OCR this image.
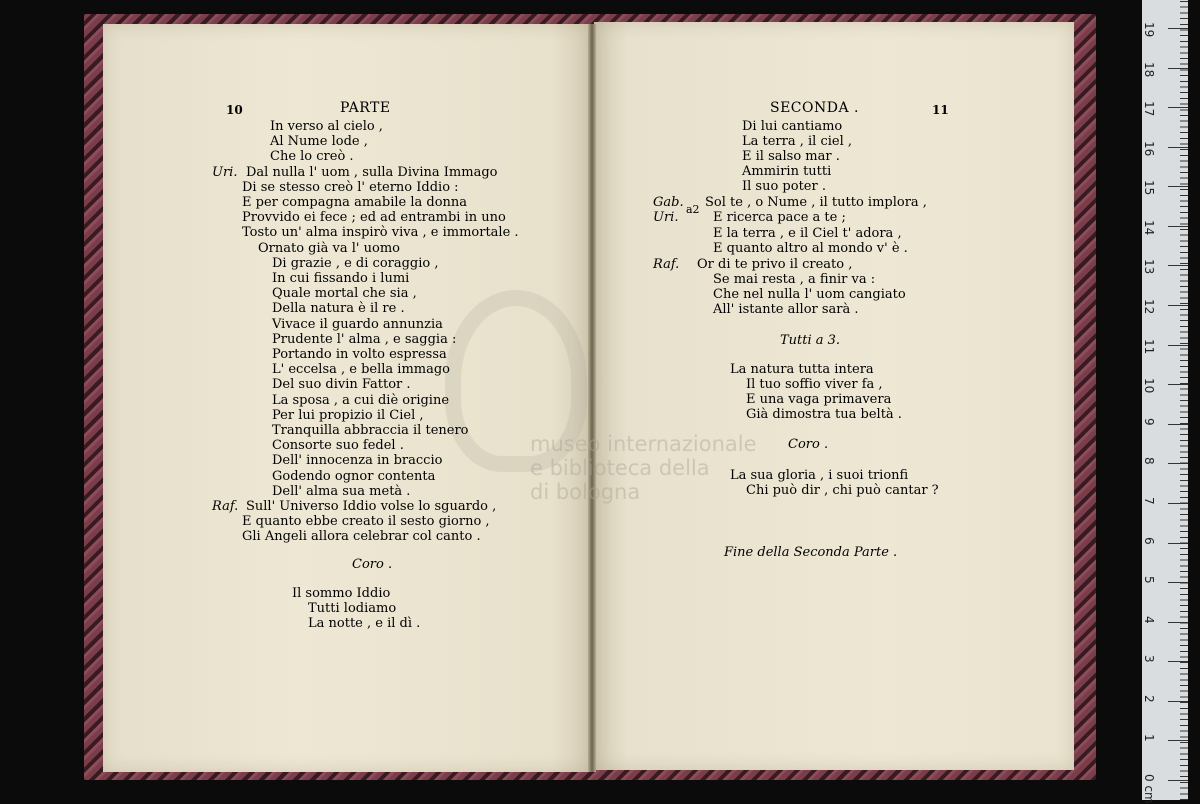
museo internazionale
e biblioteca della
di bologna
10	PARTE
In verso al cielo ,
Al Nume lode ,
Che lo creò .
Uri. Dal nulla l' uom , sulla Divina Immago
Di se stesso creò l' eterno Iddio :
E per compagna amabile la donna
Provvido ei fece ; ed ad entrambi in uno
Tosto un' alma inspirò viva , e immortale .
Ornato già va l' uomo
Di grazie , e di coraggio ,
In cui fissando i lumi
Quale mortal che sia ,
Della natura è il re .
Vivace il guardo annunzia
Prudente l' alma , e saggia :
Portando in volto espressa
L' eccelsa , e bella immago
Del suo divin Fattor .
La sposa , a cui diè origine
Per lui propizio il Ciel ,
Tranquilla abbraccia il tenero
Consorte suo fedel .
Dell' innocenza in braccio
Godendo ognor contenta
Dell' alma sua metà .
Raf. Sull' Universo Iddio volse lo sguardo ,
E quanto ebbe creato il sesto giorno ,
Gli Angeli allora celebrar col canto .
Coro .
Il sommo Iddio
Tutti lodiamo
La notte , e il dì .
SECONDA .	11
Di lui cantiamo
La terra , il ciel ,
E il salso mar .
Ammirin tutti
Il suo poter .
Gab.
Uri.
a2 Sol te , o Nume , il tutto implora ,
E ricerca pace a te ;
E la terra , e il Ciel t' adora ,
E quanto altro al mondo v' è .
Raf. Or di te privo il creato ,
Se mai resta , a finir va :
Che nel nulla l' uom cangiato
All' istante allor sarà .
Tutti a 3.
La natura tutta intera
Il tuo soffio viver fa ,
E una vaga primavera
Già dimostra tua beltà .
Coro .
La sua gloria , i suoi trionfi
Chi può dir , chi può cantar ?
Fine della Seconda Parte .
19
18
17
16
15
14
13
12
11
10
9
8
7
6
5
4
3
2
1
0 cm
